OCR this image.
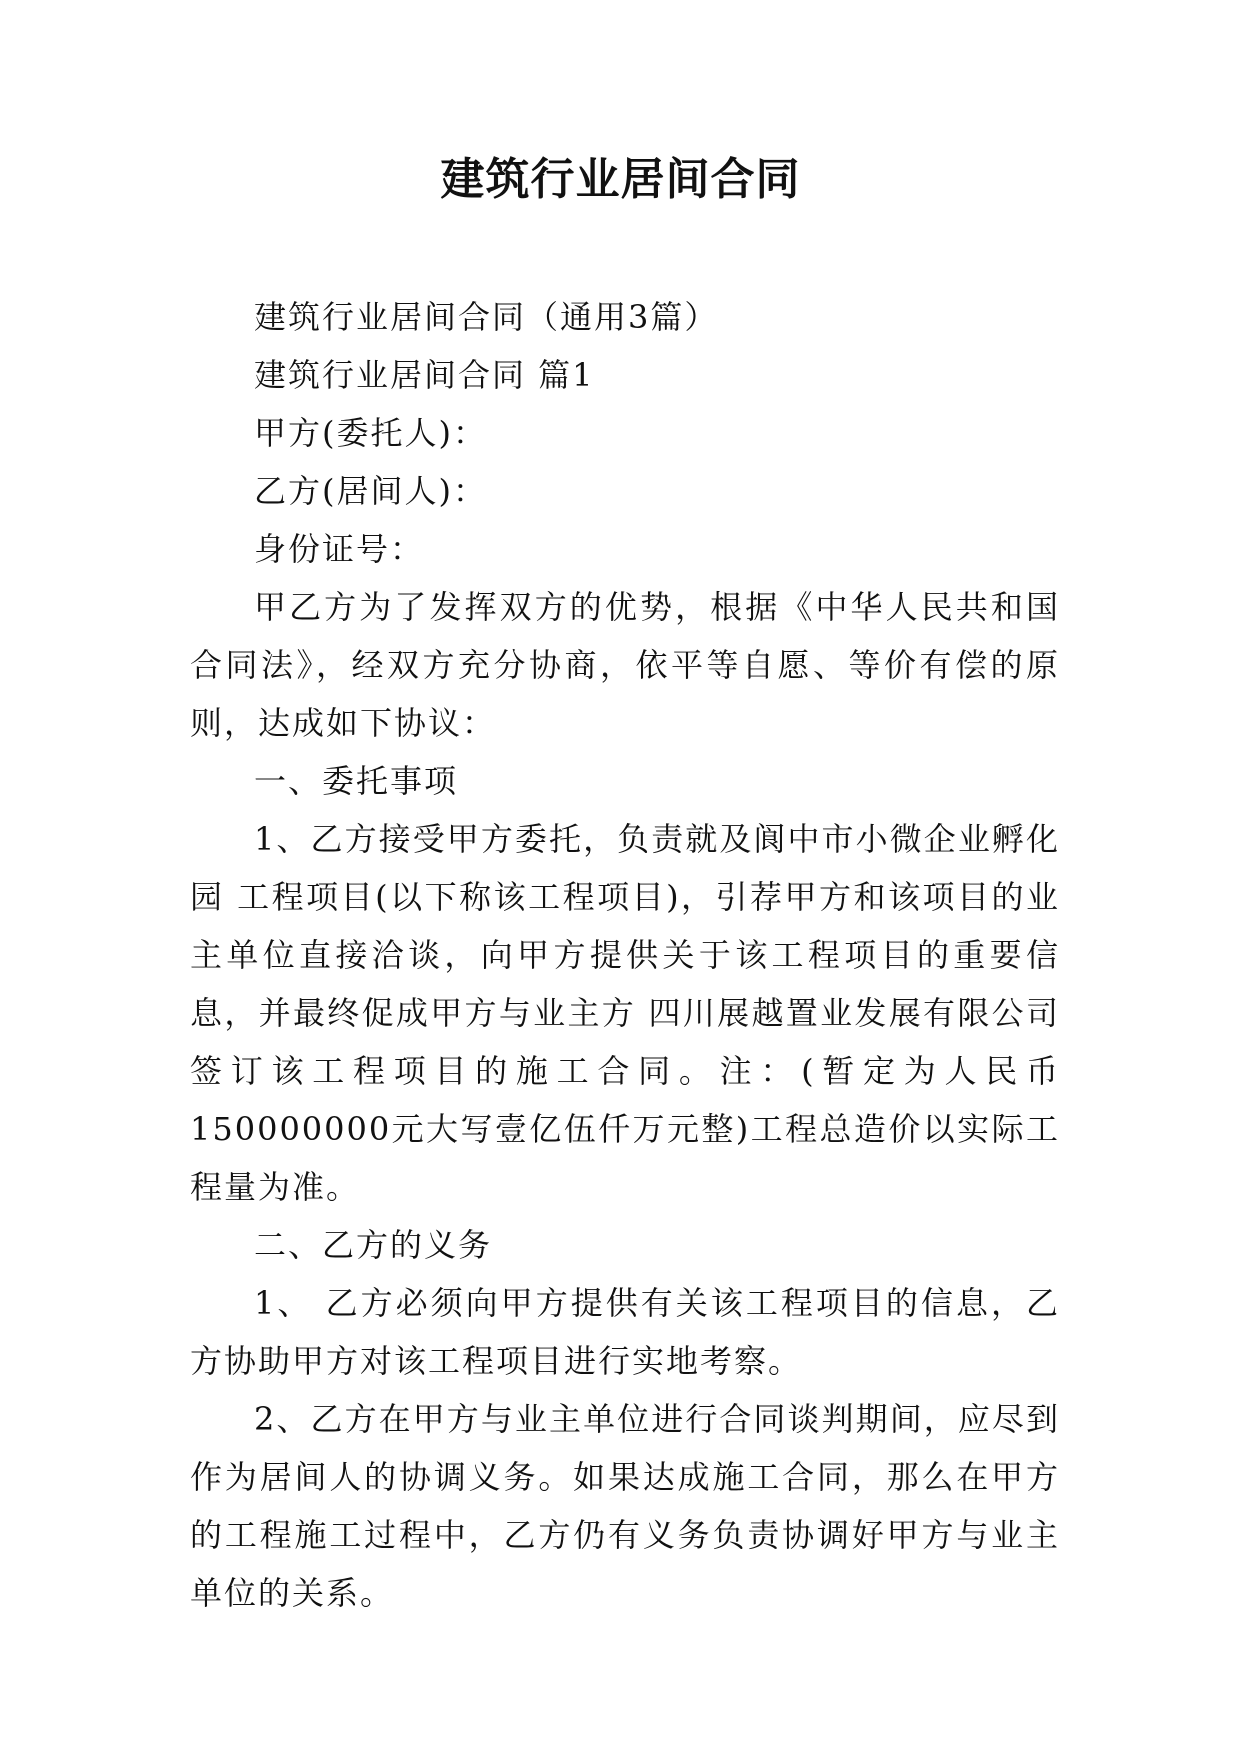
建筑行业居间合同

建筑行业居间合同（通用3篇）

建筑行业居间合同 篇1

甲方(委托人)：

乙方(居间人)：

身份证号：

甲乙方为了发挥双方的优势，根据《中华人民共和国合同法》，经双方充分协商，依平等自愿、等价有偿的原则，达成如下协议：

一、委托事项

1、乙方接受甲方委托，负责就及阆中市小微企业孵化园 工程项目(以下称该工程项目)，引荐甲方和该项目的业主单位直接洽谈，向甲方提供关于该工程项目的重要信息，并最终促成甲方与业主方 四川展越置业发展有限公司签订该工程项目的施工合同。注：(暂定为人民币150000000元大写壹亿伍仟万元整)工程总造价以实际工程量为准。

二、乙方的义务

1、 乙方必须向甲方提供有关该工程项目的信息，乙方协助甲方对该工程项目进行实地考察。

2、乙方在甲方与业主单位进行合同谈判期间，应尽到作为居间人的协调义务。如果达成施工合同，那么在甲方的工程施工过程中，乙方仍有义务负责协调好甲方与业主单位的关系。
